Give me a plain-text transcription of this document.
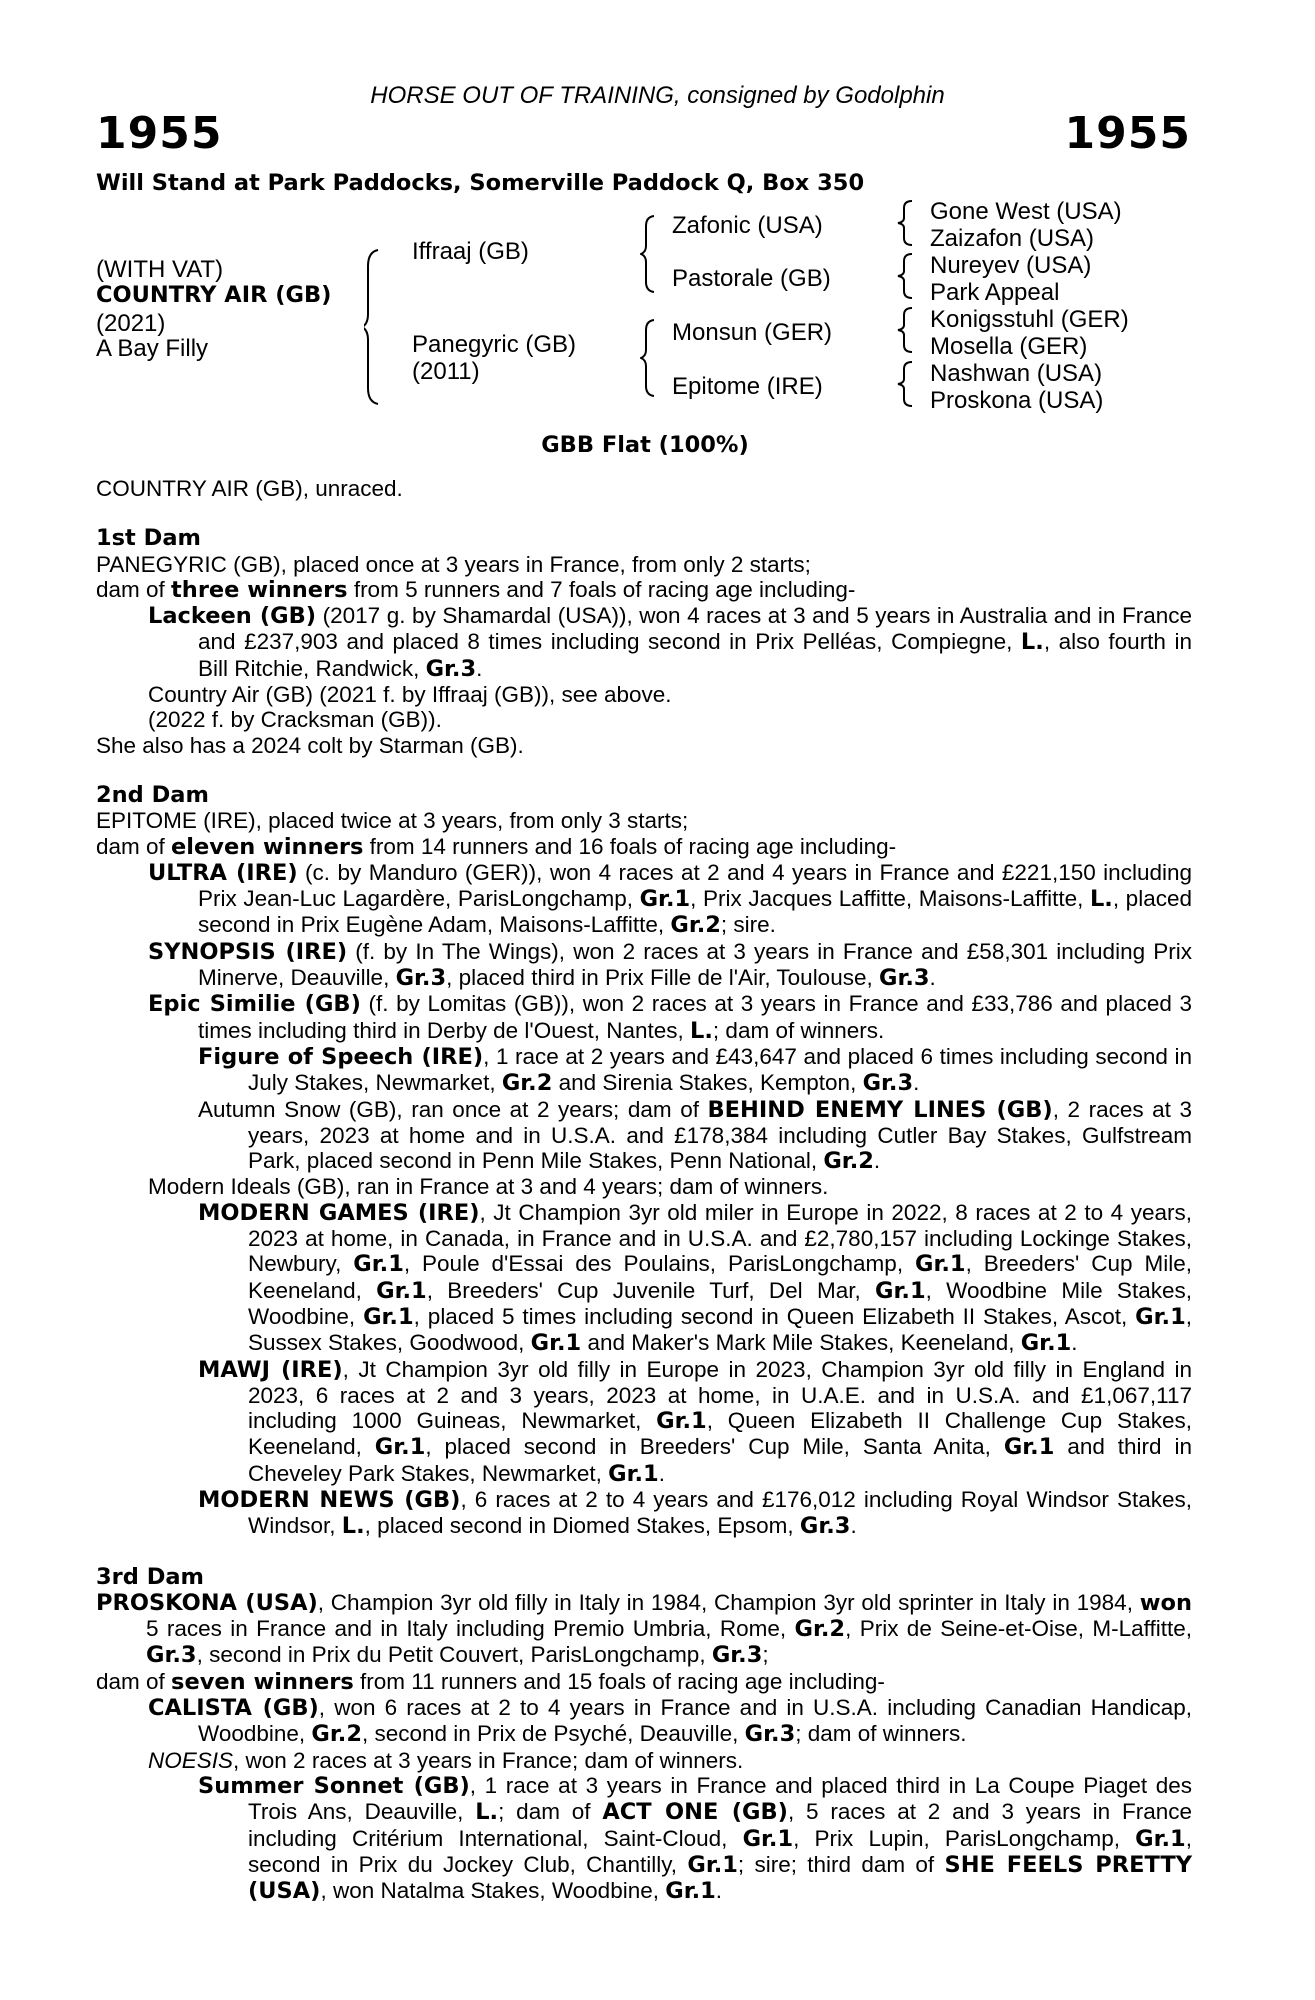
HORSE OUT OF TRAINING, consigned by Godolphin
1955	1955
Will Stand at Park Paddocks, Somerville Paddock Q, Box 350
(WITH VAT)
COUNTRY AIR (GB)
(2021)
A Bay Filly
Iffraaj (GB)
Panegyric (GB)
(2011)
Zafonic (USA)
Pastorale (GB)
Monsun (GER)
Epitome (IRE)
Gone West (USA)
Zaizafon (USA)
Nureyev (USA)
Park Appeal
Konigsstuhl (GER)
Mosella (GER)
Nashwan (USA)
Proskona (USA)
GBB Flat (100%)

COUNTRY AIR (GB), unraced.

1st Dam

PANEGYRIC (GB), placed once at 3 years in France, from only 2 starts;

dam of three winners from 5 runners and 7 foals of racing age including-

Lackeen (GB) (2017 g. by Shamardal (USA)), won 4 races at 3 and 5 years in Australia and in France and £237,903 and placed 8 times including second in Prix Pelléas, Compiegne, L., also fourth in Bill Ritchie, Randwick, Gr.3.

Country Air (GB) (2021 f. by Iffraaj (GB)), see above.

(2022 f. by Cracksman (GB)).

She also has a 2024 colt by Starman (GB).

2nd Dam

EPITOME (IRE), placed twice at 3 years, from only 3 starts;

dam of eleven winners from 14 runners and 16 foals of racing age including-

ULTRA (IRE) (c. by Manduro (GER)), won 4 races at 2 and 4 years in France and £221,150 including Prix Jean-Luc Lagardère, ParisLongchamp, Gr.1, Prix Jacques Laffitte, Maisons-Laffitte, L., placed second in Prix Eugène Adam, Maisons-Laffitte, Gr.2; sire.

SYNOPSIS (IRE) (f. by In The Wings), won 2 races at 3 years in France and £58,301 including Prix Minerve, Deauville, Gr.3, placed third in Prix Fille de l'Air, Toulouse, Gr.3.

Epic Similie (GB) (f. by Lomitas (GB)), won 2 races at 3 years in France and £33,786 and placed 3 times including third in Derby de l'Ouest, Nantes, L.; dam of winners.

Figure of Speech (IRE), 1 race at 2 years and £43,647 and placed 6 times including second in July Stakes, Newmarket, Gr.2 and Sirenia Stakes, Kempton, Gr.3.

Autumn Snow (GB), ran once at 2 years; dam of BEHIND ENEMY LINES (GB), 2 races at 3 years, 2023 at home and in U.S.A. and £178,384 including Cutler Bay Stakes, Gulfstream Park, placed second in Penn Mile Stakes, Penn National, Gr.2.

Modern Ideals (GB), ran in France at 3 and 4 years; dam of winners.

MODERN GAMES (IRE), Jt Champion 3yr old miler in Europe in 2022, 8 races at 2 to 4 years, 2023 at home, in Canada, in France and in U.S.A. and £2,780,157 including Lockinge Stakes, Newbury, Gr.1, Poule d'Essai des Poulains, ParisLongchamp, Gr.1, Breeders' Cup Mile, Keeneland, Gr.1, Breeders' Cup Juvenile Turf, Del Mar, Gr.1, Woodbine Mile Stakes, Woodbine, Gr.1, placed 5 times including second in Queen Elizabeth II Stakes, Ascot, Gr.1, Sussex Stakes, Goodwood, Gr.1 and Maker's Mark Mile Stakes, Keeneland, Gr.1.

MAWJ (IRE), Jt Champion 3yr old filly in Europe in 2023, Champion 3yr old filly in England in 2023, 6 races at 2 and 3 years, 2023 at home, in U.A.E. and in U.S.A. and £1,067,117 including 1000 Guineas, Newmarket, Gr.1, Queen Elizabeth II Challenge Cup Stakes, Keeneland, Gr.1, placed second in Breeders' Cup Mile, Santa Anita, Gr.1 and third in Cheveley Park Stakes, Newmarket, Gr.1.

MODERN NEWS (GB), 6 races at 2 to 4 years and £176,012 including Royal Windsor Stakes, Windsor, L., placed second in Diomed Stakes, Epsom, Gr.3.

3rd Dam

PROSKONA (USA), Champion 3yr old filly in Italy in 1984, Champion 3yr old sprinter in Italy in 1984, won 5 races in France and in Italy including Premio Umbria, Rome, Gr.2, Prix de Seine-et-Oise, M-Laffitte, Gr.3, second in Prix du Petit Couvert, ParisLongchamp, Gr.3;

dam of seven winners from 11 runners and 15 foals of racing age including-

CALISTA (GB), won 6 races at 2 to 4 years in France and in U.S.A. including Canadian Handicap, Woodbine, Gr.2, second in Prix de Psyché, Deauville, Gr.3; dam of winners.

NOESIS, won 2 races at 3 years in France; dam of winners.

Summer Sonnet (GB), 1 race at 3 years in France and placed third in La Coupe Piaget des Trois Ans, Deauville, L.; dam of ACT ONE (GB), 5 races at 2 and 3 years in France including Critérium International, Saint-Cloud, Gr.1, Prix Lupin, ParisLongchamp, Gr.1, second in Prix du Jockey Club, Chantilly, Gr.1; sire; third dam of SHE FEELS PRETTY (USA), won Natalma Stakes, Woodbine, Gr.1.
